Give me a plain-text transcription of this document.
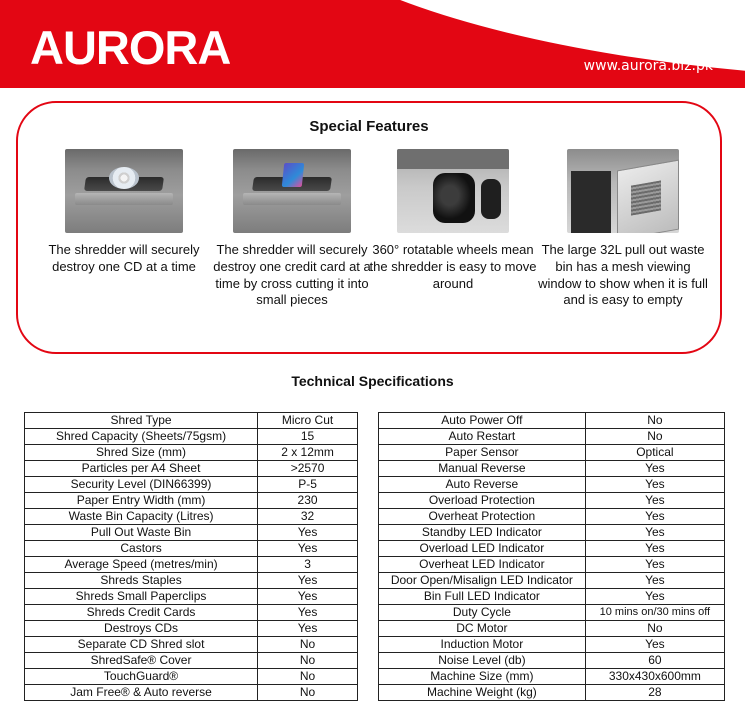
AURORA	www.aurora.biz.pk

Special Features
The shredder will securely destroy one CD at a time
The shredder will securely destroy one credit card at a time by cross cutting it into small pieces
360° rotatable wheels mean the shredder is easy to move around
The large 32L pull out waste bin has a mesh viewing window to show when it is full and is easy to empty
Technical Specifications
Shred Type	Micro Cut
Shred Capacity (Sheets/75gsm)	15
Shred Size (mm)	2 x 12mm
Particles per A4 Sheet	>2570
Security Level (DIN66399)	P-5
Paper Entry Width (mm)	230
Waste Bin Capacity (Litres)	32
Pull Out Waste Bin	Yes
Castors	Yes
Average Speed (metres/min)	3
Shreds Staples	Yes
Shreds Small Paperclips	Yes
Shreds Credit Cards	Yes
Destroys CDs	Yes
Separate CD Shred slot	No
ShredSafe® Cover	No
TouchGuard®	No
Jam Free® & Auto reverse	No
Auto Power Off	No
Auto Restart	No
Paper Sensor	Optical
Manual Reverse	Yes
Auto Reverse	Yes
Overload Protection	Yes
Overheat Protection	Yes
Standby LED Indicator	Yes
Overload LED Indicator	Yes
Overheat LED Indicator	Yes
Door Open/Misalign LED Indicator	Yes
Bin Full LED Indicator	Yes
Duty Cycle	10 mins on/30 mins off
DC Motor	No
Induction Motor	Yes
Noise Level (db)	60
Machine Size (mm)	330x430x600mm
Machine Weight (kg)	28
